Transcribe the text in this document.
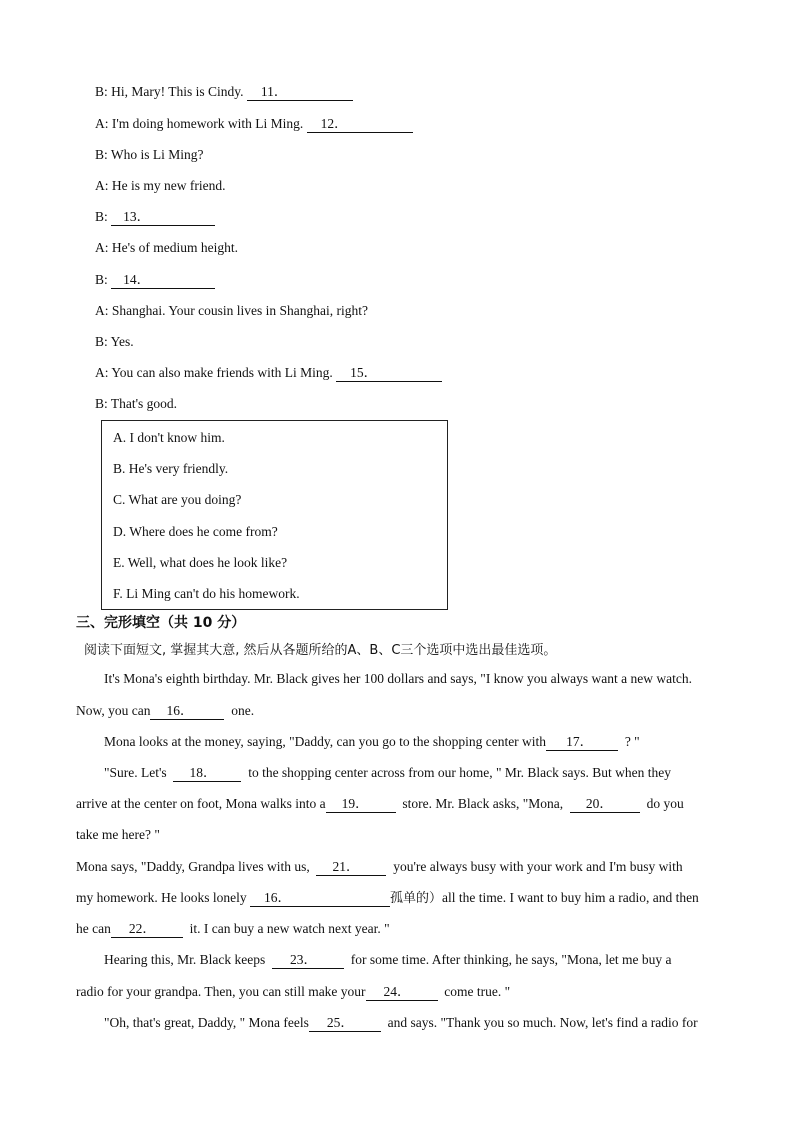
B: Hi, Mary! This is Cindy. 11．
A: I'm doing homework with Li Ming. 12．
B: Who is Li Ming?
A: He is my new friend.
B: 13．
A: He's of medium height.
B: 14．
A: Shanghai. Your cousin lives in Shanghai, right?
B: Yes.
A: You can also make friends with Li Ming. 15．
B: That's good.
A. I don't know him.
B. He's very friendly.
C. What are you doing?
D. Where does he come from?
E. Well, what does he look like?
F. Li Ming can't do his homework.
三、完形填空（共 10 分）
阅读下面短文, 掌握其大意, 然后从各题所给的A、B、C三个选项中选出最佳选项。
It's Mona's eighth birthday. Mr. Black gives her 100 dollars and says, "I know you always want a new watch.
Now, you can 16．	one.
Mona looks at the money, saying, "Daddy, can you go to the shopping center with 17． ? "
"Sure. Let's 18． to the shopping center across from our home, " Mr. Black says. But when they
arrive at the center on foot, Mona walks into a 19．	store. Mr. Black asks, "Mona, 20．	do you
take me here? "
Mona says, "Daddy, Grandpa lives with us, 21．	you're always busy with your work and I'm busy with
my homework. He looks lonely 16．	孤单的）all the time. I want to buy him a radio, and then
he can 22．	it. I can buy a new watch next year. "
Hearing this, Mr. Black keeps 23．	for some time. After thinking, he says, "Mona, let me buy a
radio for your grandpa. Then, you can still make your 24．	come true. "
"Oh, that's great, Daddy, " Mona feels 25．	and says. "Thank you so much. Now, let's find a radio for
